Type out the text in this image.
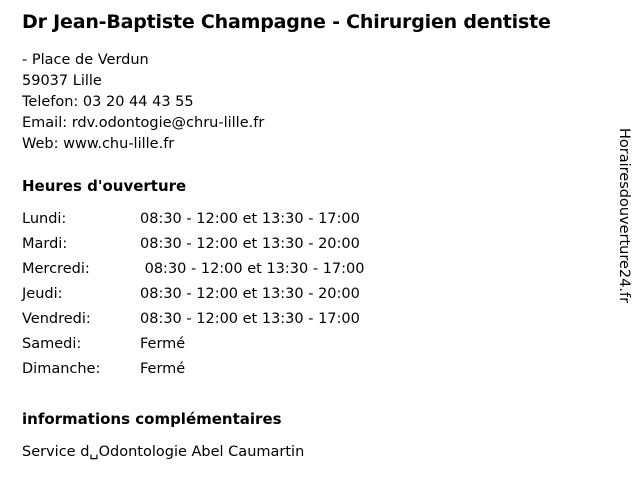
Dr Jean-Baptiste Champagne - Chirurgien dentiste

- Place de Verdun

59037 Lille

Telefon: 03 20 44 43 55

Email: rdv.odontogie@chru-lille.fr

Web: www.chu-lille.fr

Heures d'ouverture
Lundi:	08:30 - 12:00 et 13:30 - 17:00
Mardi:	08:30 - 12:00 et 13:30 - 20:00
Mercredi:	08:30 - 12:00 et 13:30 - 17:00
Jeudi:	08:30 - 12:00 et 13:30 - 20:00
Vendredi:	08:30 - 12:00 et 13:30 - 17:00
Samedi:	Fermé
Dimanche:	Fermé
informations complémentaires
Service d␣Odontologie Abel Caumartin
Horairesdouverture24.fr
